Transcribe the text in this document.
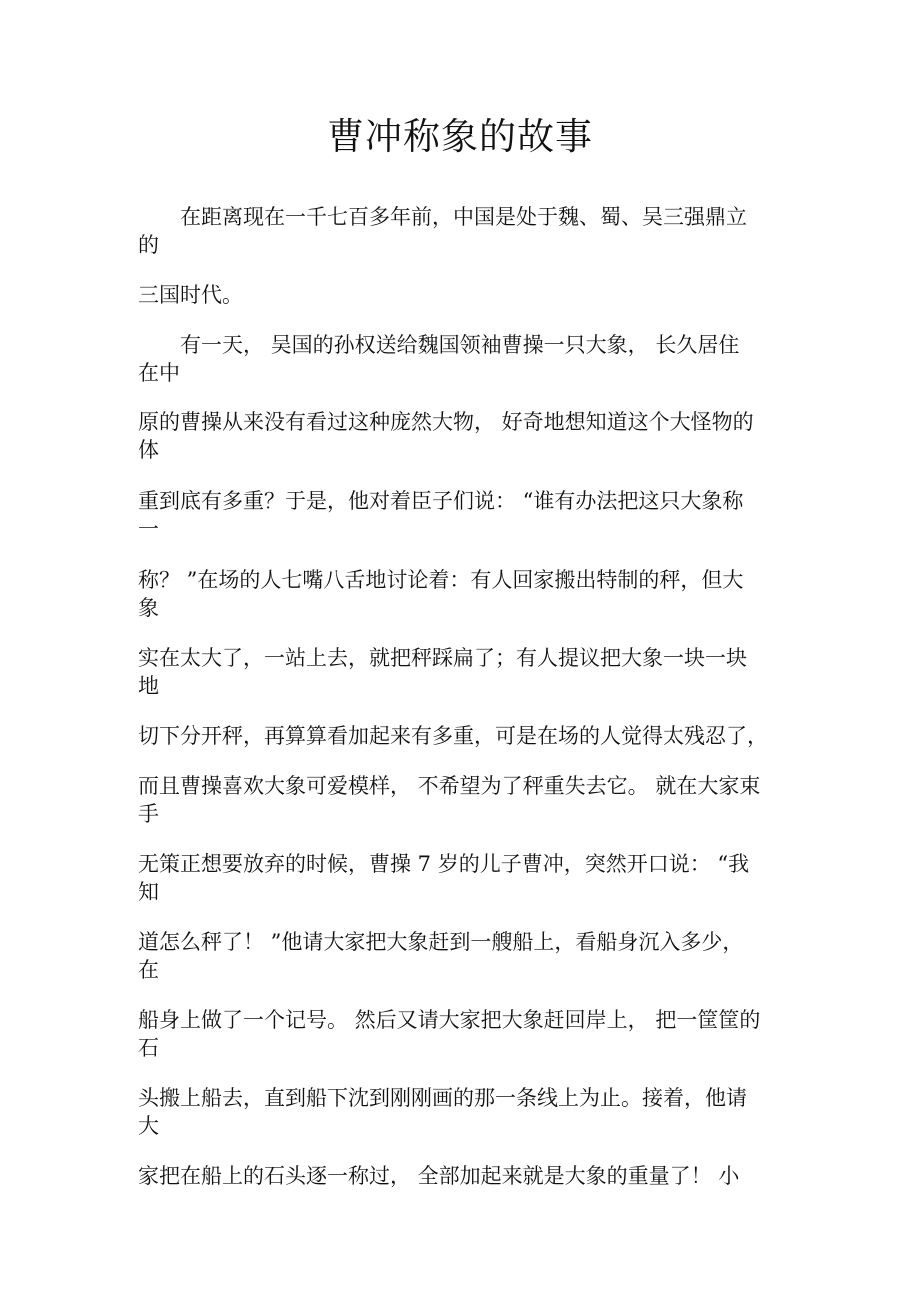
曹冲称象的故事

　　在距离现在一千七百多年前，中国是处于魏、蜀、吴三强鼎立

的

三国时代。

　　有一天， 吴国的孙权送给魏国领袖曹操一只大象， 长久居住

在中

原的曹操从来没有看过这种庞然大物， 好奇地想知道这个大怪物的

体

重到底有多重？于是，他对着臣子们说： “谁有办法把这只大象称

一

称？ ”在场的人七嘴八舌地讨论着：有人回家搬出特制的秤，但大

象

实在太大了，一站上去，就把秤踩扁了；有人提议把大象一块一块

地

切下分开秤，再算算看加起来有多重，可是在场的人觉得太残忍了，

而且曹操喜欢大象可爱模样， 不希望为了秤重失去它。 就在大家束

手

无策正想要放弃的时候，曹操 7 岁的儿子曹冲，突然开口说： “我

知

道怎么秤了！ ”他请大家把大象赶到一艘船上，看船身沉入多少，

在

船身上做了一个记号。 然后又请大家把大象赶回岸上， 把一筐筐的

石

头搬上船去，直到船下沈到刚刚画的那一条线上为止。接着，他请

大

家把在船上的石头逐一称过， 全部加起来就是大象的重量了！ 小
